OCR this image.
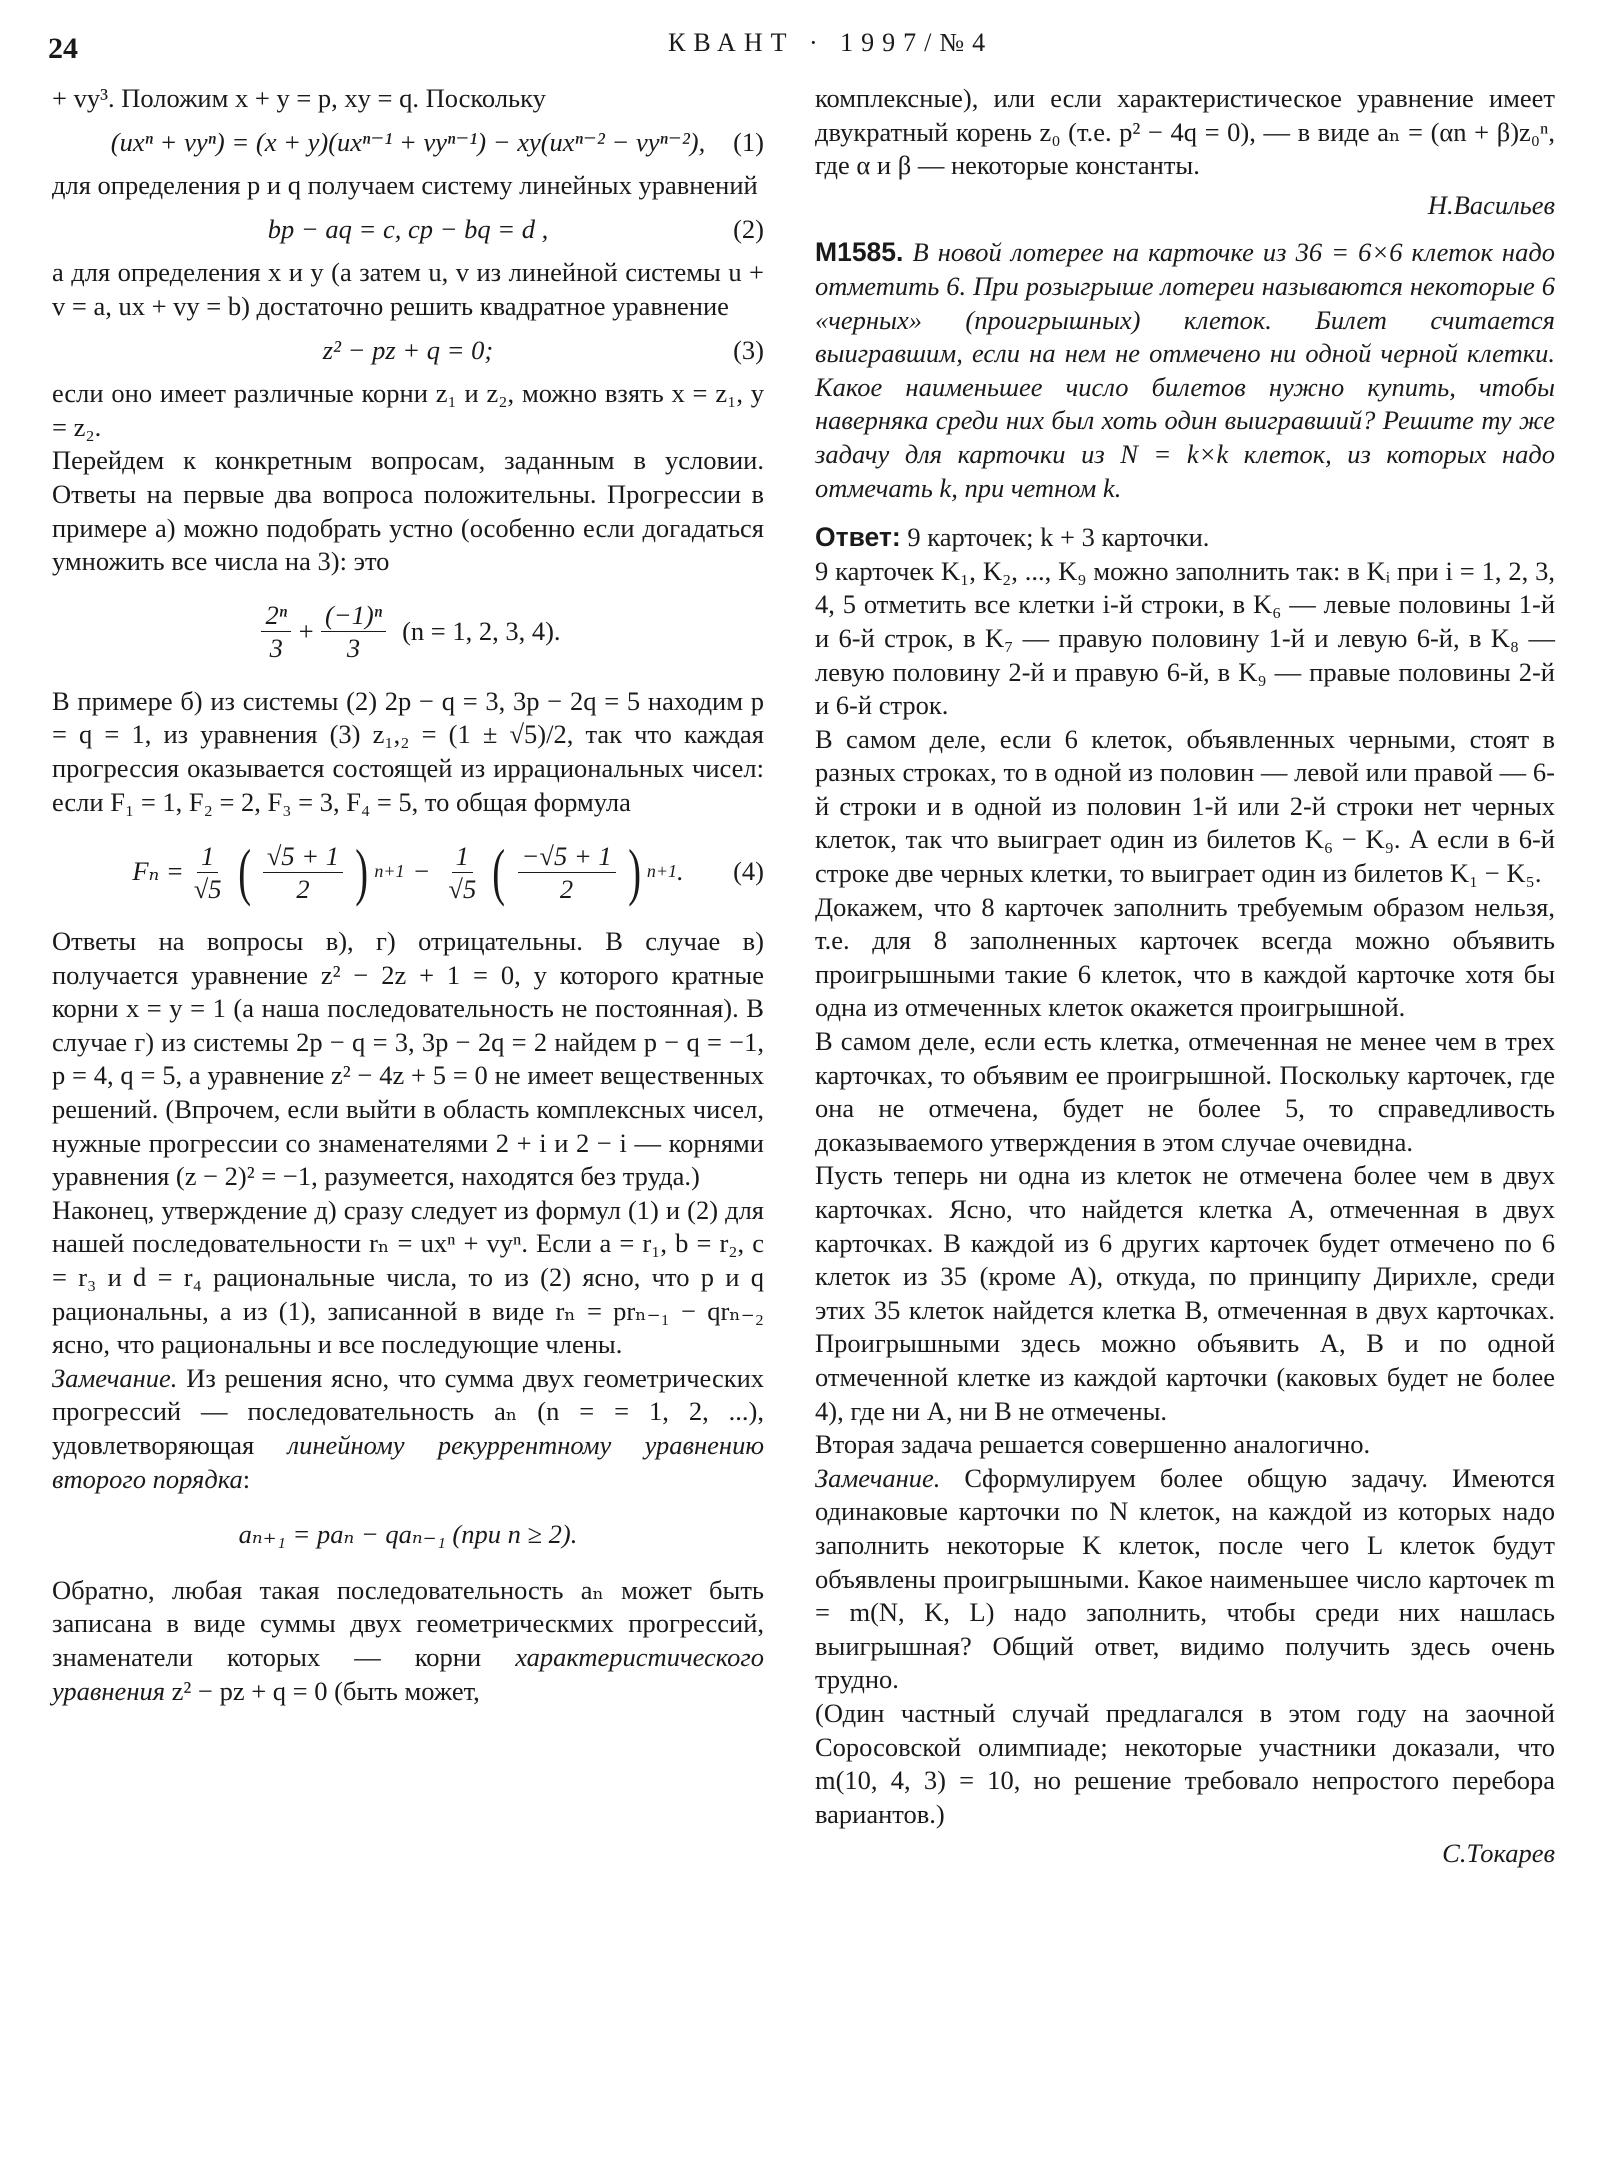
24	КВАНТ · 1997/№4
+ vy³. Положим x + y = p, xy = q. Поскольку
(uxⁿ + vyⁿ) = (x + y)(uxⁿ⁻¹ + vyⁿ⁻¹) − xy(uxⁿ⁻² − vyⁿ⁻²), (1)
для определения p и q получаем систему линейных уравнений
bp − aq = c, cp − bq = d ,	(2)
а для определения x и y (а затем u, v из линейной системы u + v = a, ux + vy = b) достаточно решить квадратное уравнение
z² − pz + q = 0;	(3)
если оно имеет различные корни z₁ и z₂, можно взять x = z₁, y = z₂.
Перейдем к конкретным вопросам, заданным в условии. Ответы на первые два вопроса положительны. Прогрессии в примере а) можно подобрать устно (особенно если догадаться умножить все числа на 3): это
$\frac{\text{2ⁿ}}{3} + \frac{\text{(−1)ⁿ}}{3} (n = 1$, 2, 3, 4).
В примере б) из системы (2) 2p − q = 3, 3p − 2q = 5 находим p = q = 1, из уравнения (3) z₁,₂ = (1 ± √5)/2, так что каждая прогрессия оказывается состоящей из иррациональных чисел: если F₁ = 1, F₂ = 2, F₃ = 3, F₄ = 5, то общая формула
$F_n = \frac{1}{√5}$ ( $\frac{√5 + 1}{2}$ ) $n+1 - \frac{1}{√5}$ ( $\frac{-√5 + 1}{2}$ ) n+1 . (4)
Ответы на вопросы в), г) отрицательны. В случае в) получается уравнение z² − 2z + 1 = 0, у которого кратные корни x = y = 1 (а наша последовательность не постоянная). В случае г) из системы 2p − q = 3, 3p − 2q = 2 найдем p − q = −1, p = 4, q = 5, а уравнение z² − 4z + 5 = 0 не имеет вещественных решений. (Впрочем, если выйти в область комплексных чисел, нужные прогрессии со знаменателями 2 + i и 2 − i — корнями уравнения (z − 2)² = −1, разумеется, находятся без труда.)
Наконец, утверждение д) сразу следует из формул (1) и (2) для нашей последовательности rₙ = uxⁿ + vyⁿ. Если a = r₁, b = r₂, c = r₃ и d = r₄ рациональные числа, то из (2) ясно, что p и q рациональны, а из (1), записанной в виде rₙ = prₙ₋₁ − qrₙ₋₂ ясно, что рациональны и все последующие члены.
Замечание. Из решения ясно, что сумма двух геометрических прогрессий — последовательность aₙ (n = = 1, 2, ...), удовлетворяющая линейному рекуррентному уравнению второго порядка:
aₙ₊₁ = paₙ − qaₙ₋₁ (при n ≥ 2).
Обратно, любая такая последовательность aₙ может быть записана в виде суммы двух геометрическмих прогрессий, знаменатели которых — корни характеристического уравнения z² − pz + q = 0 (быть может,
комплексные), или если характеристическое уравнение имеет двукратный корень z₀ (т.е. p² − 4q = 0), — в виде aₙ = (αn + β)z₀ⁿ, где α и β — некоторые константы.
Н.Васильев
М1585. В новой лотерее на карточке из 36 = 6×6 клеток надо отметить 6. При розыгрыше лотереи называются некоторые 6 «черных» (проигрышных) клеток. Билет считается выигравшим, если на нем не отмечено ни одной черной клетки. Какое наименьшее число билетов нужно купить, чтобы наверняка среди них был хоть один выигравший? Решите ту же задачу для карточки из N = k×k клеток, из которых надо отмечать k, при четном k.
Ответ: 9 карточек; k + 3 карточки.
9 карточек K₁, K₂, ..., K₉ можно заполнить так: в Kᵢ при i = 1, 2, 3, 4, 5 отметить все клетки i-й строки, в K₆ — левые половины 1-й и 6-й строк, в K₇ — правую половину 1-й и левую 6-й, в K₈ — левую половину 2-й и правую 6-й, в K₉ — правые половины 2-й и 6-й строк.
В самом деле, если 6 клеток, объявленных черными, стоят в разных строках, то в одной из половин — левой или правой — 6-й строки и в одной из половин 1-й или 2-й строки нет черных клеток, так что выиграет один из билетов K₆ − K₉. А если в 6-й строке две черных клетки, то выиграет один из билетов K₁ − K₅.
Докажем, что 8 карточек заполнить требуемым образом нельзя, т.е. для 8 заполненных карточек всегда можно объявить проигрышными такие 6 клеток, что в каждой карточке хотя бы одна из отмеченных клеток окажется проигрышной.
В самом деле, если есть клетка, отмеченная не менее чем в трех карточках, то объявим ее проигрышной. Поскольку карточек, где она не отмечена, будет не более 5, то справедливость доказываемого утверждения в этом случае очевидна.
Пусть теперь ни одна из клеток не отмечена более чем в двух карточках. Ясно, что найдется клетка A, отмеченная в двух карточках. В каждой из 6 других карточек будет отмечено по 6 клеток из 35 (кроме A), откуда, по принципу Дирихле, среди этих 35 клеток найдется клетка B, отмеченная в двух карточках. Проигрышными здесь можно объявить A, B и по одной отмеченной клетке из каждой карточки (каковых будет не более 4), где ни A, ни B не отмечены.
Вторая задача решается совершенно аналогично.
Замечание. Сформулируем более общую задачу. Имеются одинаковые карточки по N клеток, на каждой из которых надо заполнить некоторые K клеток, после чего L клеток будут объявлены проигрышными. Какое наименьшее число карточек m = m(N, K, L) надо заполнить, чтобы среди них нашлась выигрышная? Общий ответ, видимо получить здесь очень трудно.
(Один частный случай предлагался в этом году на заочной Соросовской олимпиаде; некоторые участники доказали, что m(10, 4, 3) = 10, но решение требовало непростого перебора вариантов.)
С.Токарев
